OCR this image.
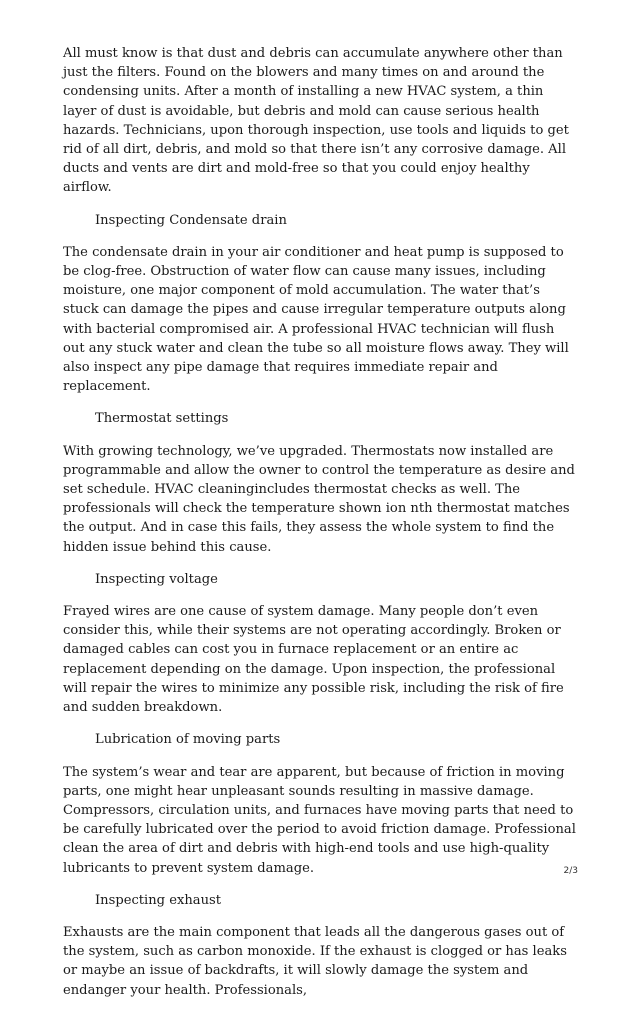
All must know is that dust and debris can accumulate anywhere other than just the filters. Found on the blowers and many times on and around the condensing units. After a month of installing a new HVAC system, a thin layer of dust is avoidable, but debris and mold can cause serious health hazards. Technicians, upon thorough inspection, use tools and liquids to get rid of all dirt, debris, and mold so that there isn’t any corrosive damage. All ducts and vents are dirt and mold-free so that you could enjoy healthy airflow.

Inspecting Condensate drain

The condensate drain in your air conditioner and heat pump is supposed to be clog-free. Obstruction of water flow can cause many issues, including moisture, one major component of mold accumulation. The water that’s stuck can damage the pipes and cause irregular temperature outputs along with bacterial compromised air. A professional HVAC technician will flush out any stuck water and clean the tube so all moisture flows away. They will also inspect any pipe damage that requires immediate repair and replacement.

Thermostat settings

With growing technology, we’ve upgraded. Thermostats now installed are programmable and allow the owner to control the temperature as desire and set schedule. HVAC cleaningincludes thermostat checks as well. The professionals will check the temperature shown ion nth thermostat matches the output. And in case this fails, they assess the whole system to find the hidden issue behind this cause.

Inspecting voltage

Frayed wires are one cause of system damage. Many people don’t even consider this, while their systems are not operating accordingly. Broken or damaged cables can cost you in furnace replacement or an entire ac replacement depending on the damage. Upon inspection, the professional will repair the wires to minimize any possible risk, including the risk of fire and sudden breakdown.

Lubrication of moving parts

The system’s wear and tear are apparent, but because of friction in moving parts, one might hear unpleasant sounds resulting in massive damage. Compressors, circulation units, and furnaces have moving parts that need to be carefully lubricated over the period to avoid friction damage. Professional clean the area of dirt and debris with high-end tools and use high-quality lubricants to prevent system damage.

Inspecting exhaust

Exhausts are the main component that leads all the dangerous gases out of the system, such as carbon monoxide. If the exhaust is clogged or has leaks or maybe an issue of backdrafts, it will slowly damage the system and endanger your health. Professionals,

2/3
